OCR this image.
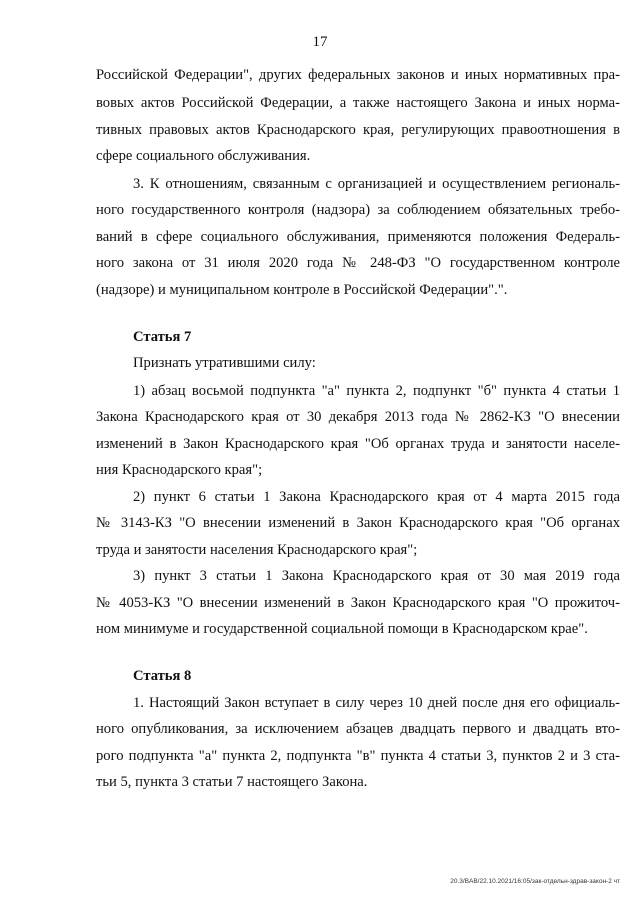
17
Российской Федерации", других федеральных законов и иных нормативных пра-
вовых актов Российской Федерации, а также настоящего Закона и иных норма-
тивных правовых актов Краснодарского края, регулирующих правоотношения в
сфере социального обслуживания.
3. К отношениям, связанным с организацией и осуществлением региональ-
ного государственного контроля (надзора) за соблюдением обязательных требо-
ваний в сфере социального обслуживания, применяются положения Федераль-
ного закона от 31 июля 2020 года № 248-ФЗ "О государственном контроле
(надзоре) и муниципальном контроле в Российской Федерации".".
Статья 7
Признать утратившими силу:
1) абзац восьмой подпункта "а" пункта 2, подпункт "б" пункта 4 статьи 1
Закона Краснодарского края от 30 декабря 2013 года № 2862-КЗ "О внесении
изменений в Закон Краснодарского края "Об органах труда и занятости населе-
ния Краснодарского края";
2) пункт 6 статьи 1 Закона Краснодарского края от 4 марта 2015 года
№ 3143-КЗ "О внесении изменений в Закон Краснодарского края "Об органах
труда и занятости населения Краснодарского края";
3) пункт 3 статьи 1 Закона Краснодарского края от 30 мая 2019 года
№ 4053-КЗ "О внесении изменений в Закон Краснодарского края "О прожиточ-
ном минимуме и государственной социальной помощи в Краснодарском крае".
Статья 8
1. Настоящий Закон вступает в силу через 10 дней после дня его официаль-
ного опубликования, за исключением абзацев двадцать первого и двадцать вто-
рого подпункта "а" пункта 2, подпункта "в" пункта 4 статьи 3, пунктов 2 и 3 ста-
тьи 5, пункта 3 статьи 7 настоящего Закона.
20.3/BAB/22.10.2021/16:05/зак-отдельн-здрав-закон-2 чт
